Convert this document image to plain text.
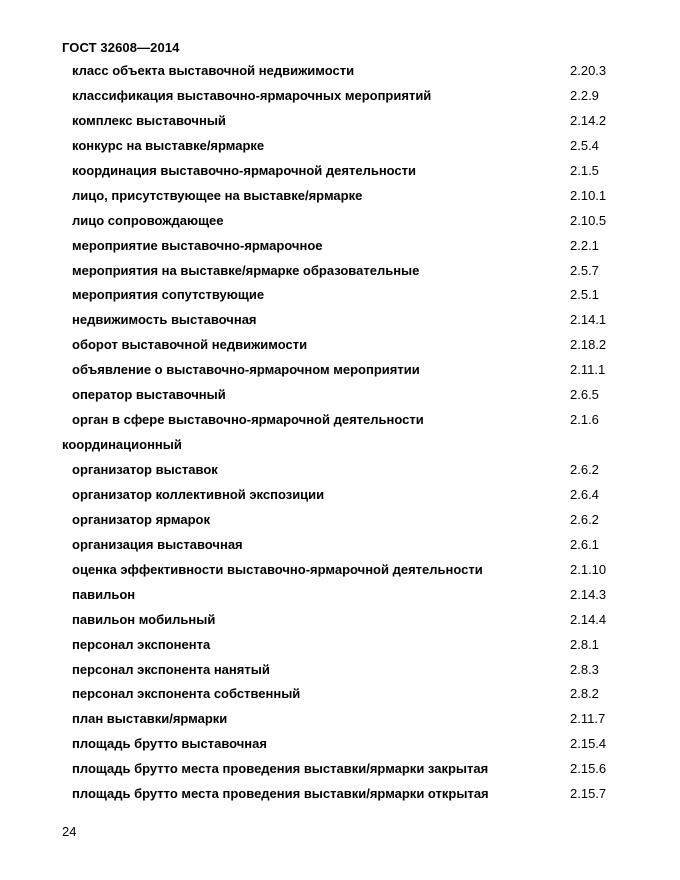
ГОСТ 32608—2014
класс объекта выставочной недвижимости	2.20.3
классификация выставочно-ярмарочных мероприятий	2.2.9
комплекс выставочный	2.14.2
конкурс на выставке/ярмарке	2.5.4
координация выставочно-ярмарочной деятельности	2.1.5
лицо, присутствующее на выставке/ярмарке	2.10.1
лицо сопровождающее	2.10.5
мероприятие выставочно-ярмарочное	2.2.1
мероприятия на выставке/ярмарке образовательные	2.5.7
мероприятия сопутствующие	2.5.1
недвижимость выставочная	2.14.1
оборот выставочной недвижимости	2.18.2
объявление о выставочно-ярмарочном мероприятии	2.11.1
оператор выставочный	2.6.5
орган в сфере выставочно-ярмарочной деятельности	2.1.6
координационный
организатор выставок	2.6.2
организатор коллективной экспозиции	2.6.4
организатор ярмарок	2.6.2
организация выставочная	2.6.1
оценка эффективности выставочно-ярмарочной деятельности	2.1.10
павильон	2.14.3
павильон мобильный	2.14.4
персонал экспонента	2.8.1
персонал экспонента нанятый	2.8.3
персонал экспонента собственный	2.8.2
план выставки/ярмарки	2.11.7
площадь брутто выставочная	2.15.4
площадь брутто места проведения выставки/ярмарки закрытая	2.15.6
площадь брутто места проведения выставки/ярмарки открытая	2.15.7
24
